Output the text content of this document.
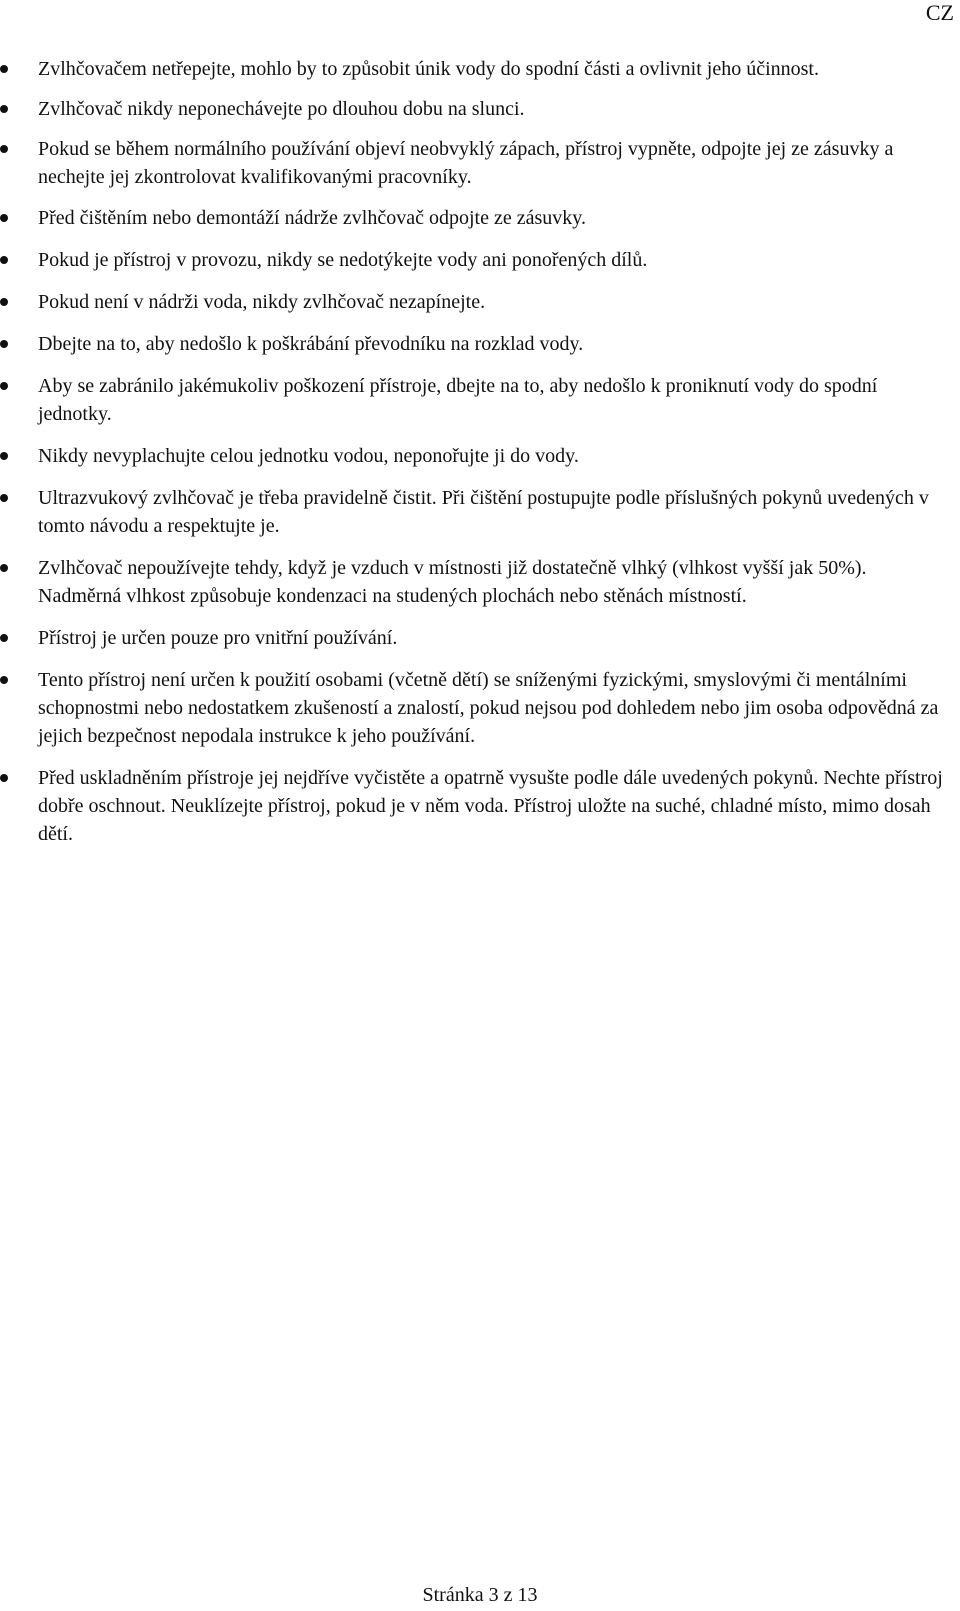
CZ
Zvlhčovačem netřepejte, mohlo by to způsobit únik vody do spodní části a ovlivnit jeho účinnost.
Zvlhčovač nikdy neponechávejte po dlouhou dobu na slunci.
Pokud se během normálního používání objeví neobvyklý zápach, přístroj vypněte, odpojte jej ze zásuvky a nechejte jej zkontrolovat kvalifikovanými pracovníky.
Před čištěním nebo demontáží nádrže zvlhčovač odpojte ze zásuvky.
Pokud je přístroj v provozu, nikdy se nedotýkejte vody ani ponořených dílů.
Pokud není v nádrži voda, nikdy zvlhčovač nezapínejte.
Dbejte na to, aby nedošlo k poškrábání převodníku na rozklad vody.
Aby se zabránilo jakémukoliv poškození přístroje, dbejte na to, aby nedošlo k proniknutí vody do spodní jednotky.
Nikdy nevyplachujte celou jednotku vodou, neponořujte ji do vody.
Ultrazvukový zvlhčovač je třeba pravidelně čistit. Při čištění postupujte podle příslušných pokynů uvedených v tomto návodu a respektujte je.
Zvlhčovač nepoužívejte tehdy, když je vzduch v místnosti již dostatečně vlhký (vlhkost vyšší jak 50%). Nadměrná vlhkost způsobuje kondenzaci na studených plochách nebo stěnách místností.
Přístroj je určen pouze pro vnitřní používání.
Tento přístroj není určen k použití osobami (včetně dětí) se sníženými fyzickými, smyslovými či mentálními schopnostmi nebo nedostatkem zkušeností a znalostí, pokud nejsou pod dohledem nebo jim osoba odpovědná za jejich bezpečnost nepodala instrukce k jeho používání.
Před uskladněním přístroje jej nejdříve vyčistěte a opatrně vysušte podle dále uvedených pokynů. Nechte přístroj dobře oschnout. Neuklízejte přístroj, pokud je v něm voda. Přístroj uložte na suché, chladné místo, mimo dosah dětí.
Stránka 3 z 13
